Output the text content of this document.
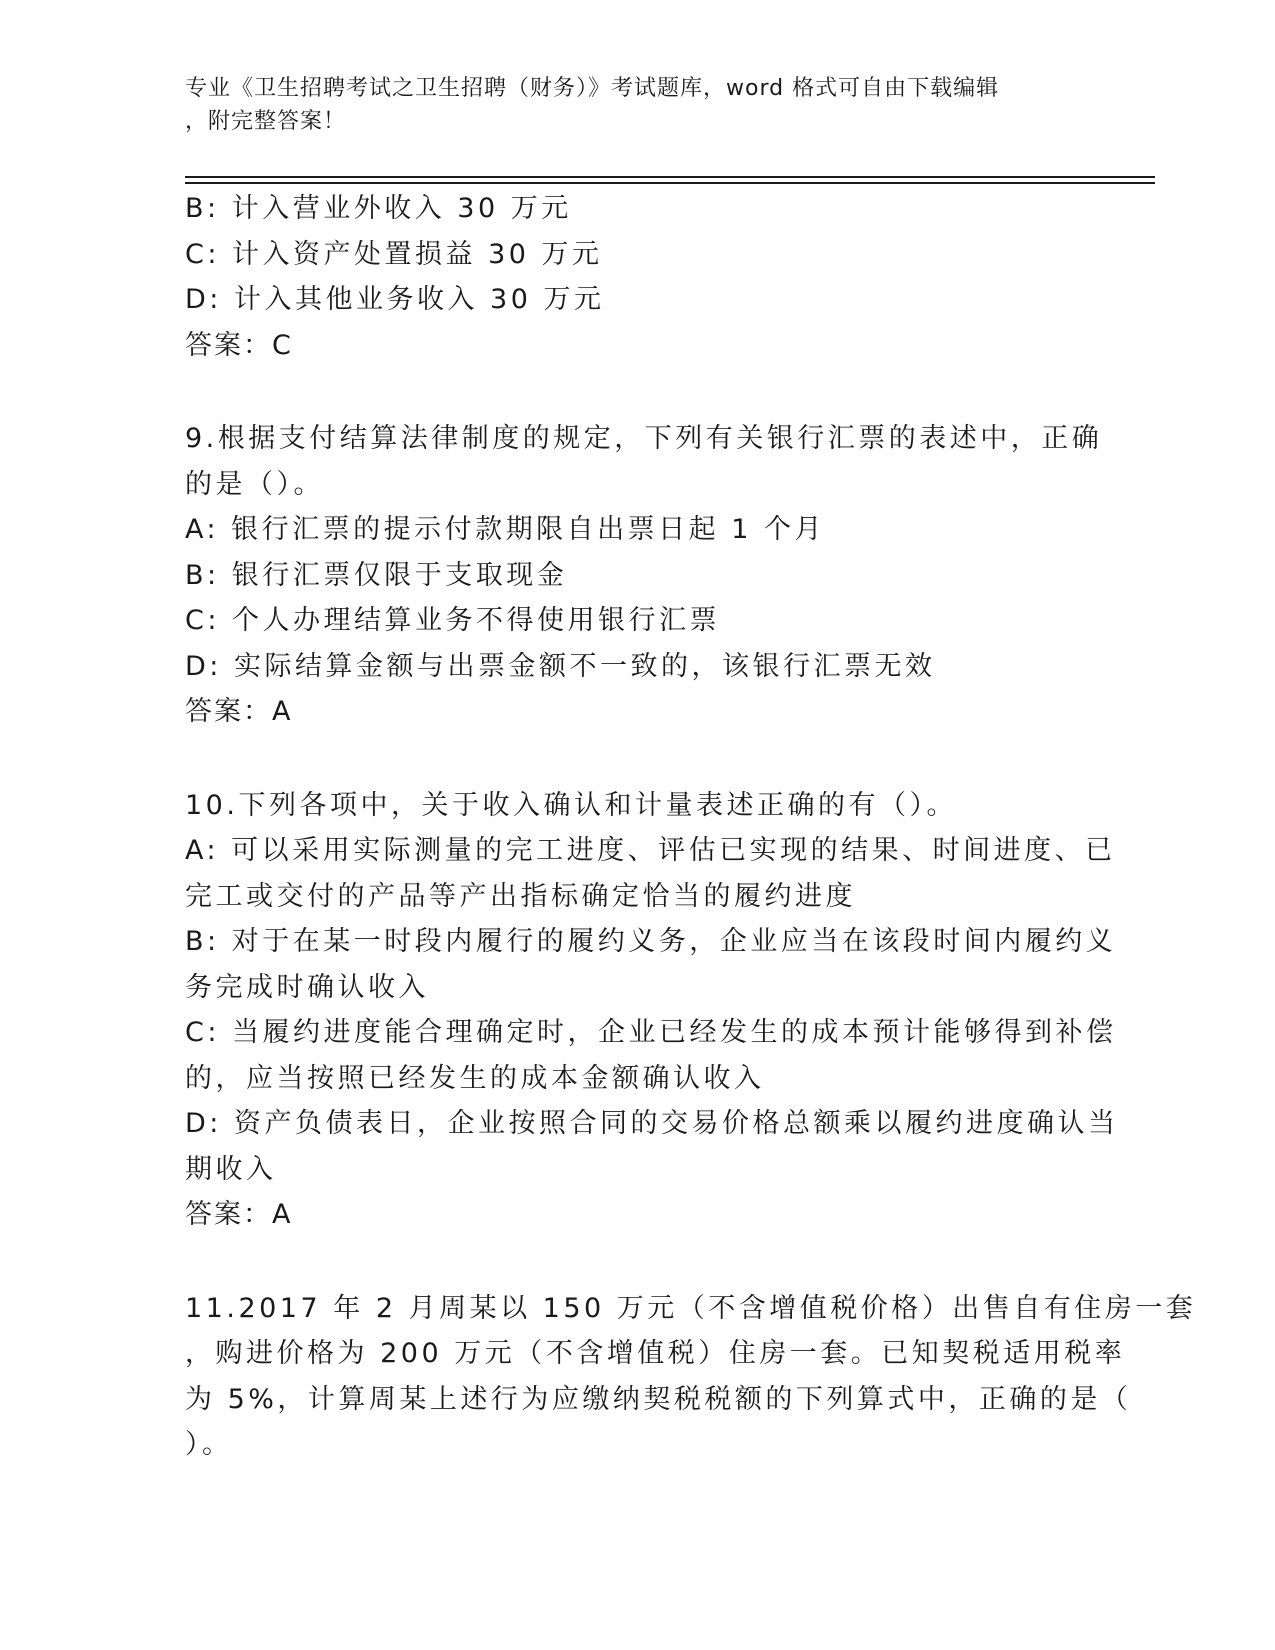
专业《卫生招聘考试之卫生招聘（财务）》考试题库，word 格式可自由下载编辑
，附完整答案！
B: 计入营业外收入 30 万元
C: 计入资产处置损益 30 万元
D: 计入其他业务收入 30 万元
答案：C
9.根据支付结算法律制度的规定，下列有关银行汇票的表述中，正确
的是（）。
A: 银行汇票的提示付款期限自出票日起 1 个月
B: 银行汇票仅限于支取现金
C: 个人办理结算业务不得使用银行汇票
D: 实际结算金额与出票金额不一致的，该银行汇票无效
答案：A
10.下列各项中，关于收入确认和计量表述正确的有（）。
A: 可以采用实际测量的完工进度、评估已实现的结果、时间进度、已
完工或交付的产品等产出指标确定恰当的履约进度
B: 对于在某一时段内履行的履约义务，企业应当在该段时间内履约义
务完成时确认收入
C: 当履约进度能合理确定时，企业已经发生的成本预计能够得到补偿
的，应当按照已经发生的成本金额确认收入
D: 资产负债表日，企业按照合同的交易价格总额乘以履约进度确认当
期收入
答案：A
11.2017 年 2 月周某以 150 万元（不含增值税价格）出售自有住房一套
，购进价格为 200 万元（不含增值税）住房一套。已知契税适用税率
为 5%，计算周某上述行为应缴纳契税税额的下列算式中，正确的是（
）。
